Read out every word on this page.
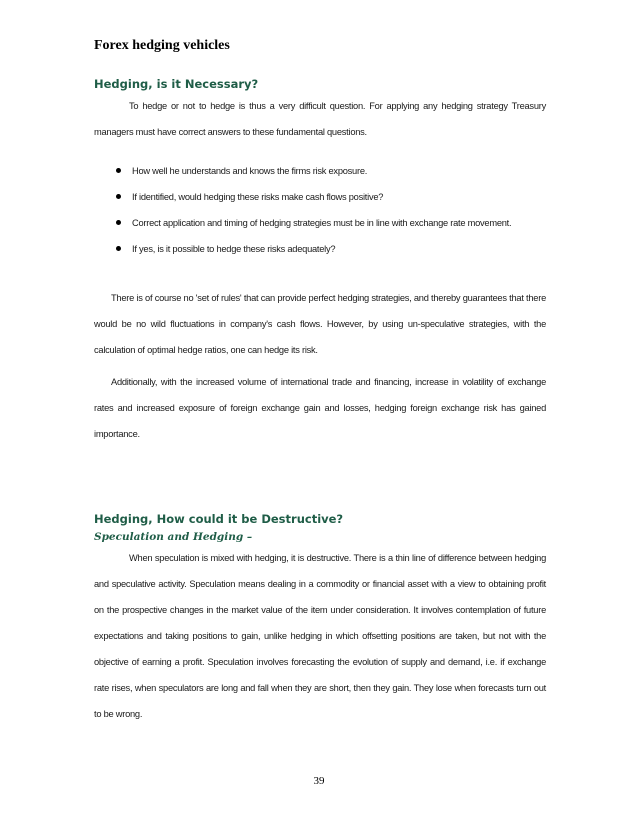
Forex hedging vehicles
Hedging, is it Necessary?

To hedge or not to hedge is thus a very difficult question. For applying any hedging strategy Treasury managers must have correct answers to these fundamental questions.

How well he understands and knows the firms risk exposure.
If identified, would hedging these risks make cash flows positive?
Correct application and timing of hedging strategies must be in line with exchange rate movement.
If yes, is it possible to hedge these risks adequately?

There is of course no 'set of rules' that can provide perfect hedging strategies, and thereby guarantees that there would be no wild fluctuations in company's cash flows. However, by using un-speculative strategies, with the calculation of optimal hedge ratios, one can hedge its risk.

Additionally, with the increased volume of international trade and financing, increase in volatility of exchange rates and increased exposure of foreign exchange gain and losses, hedging foreign exchange risk has gained importance.

Hedging, How could it be Destructive?
Speculation and Hedging –

When speculation is mixed with hedging, it is destructive. There is a thin line of difference between hedging and speculative activity. Speculation means dealing in a commodity or financial asset with a view to obtaining profit on the prospective changes in the market value of the item under consideration. It involves contemplation of future expectations and taking positions to gain, unlike hedging in which offsetting positions are taken, but not with the objective of earning a profit. Speculation involves forecasting the evolution of supply and demand, i.e. if exchange rate rises, when speculators are long and fall when they are short, then they gain. They lose when forecasts turn out to be wrong.

39
